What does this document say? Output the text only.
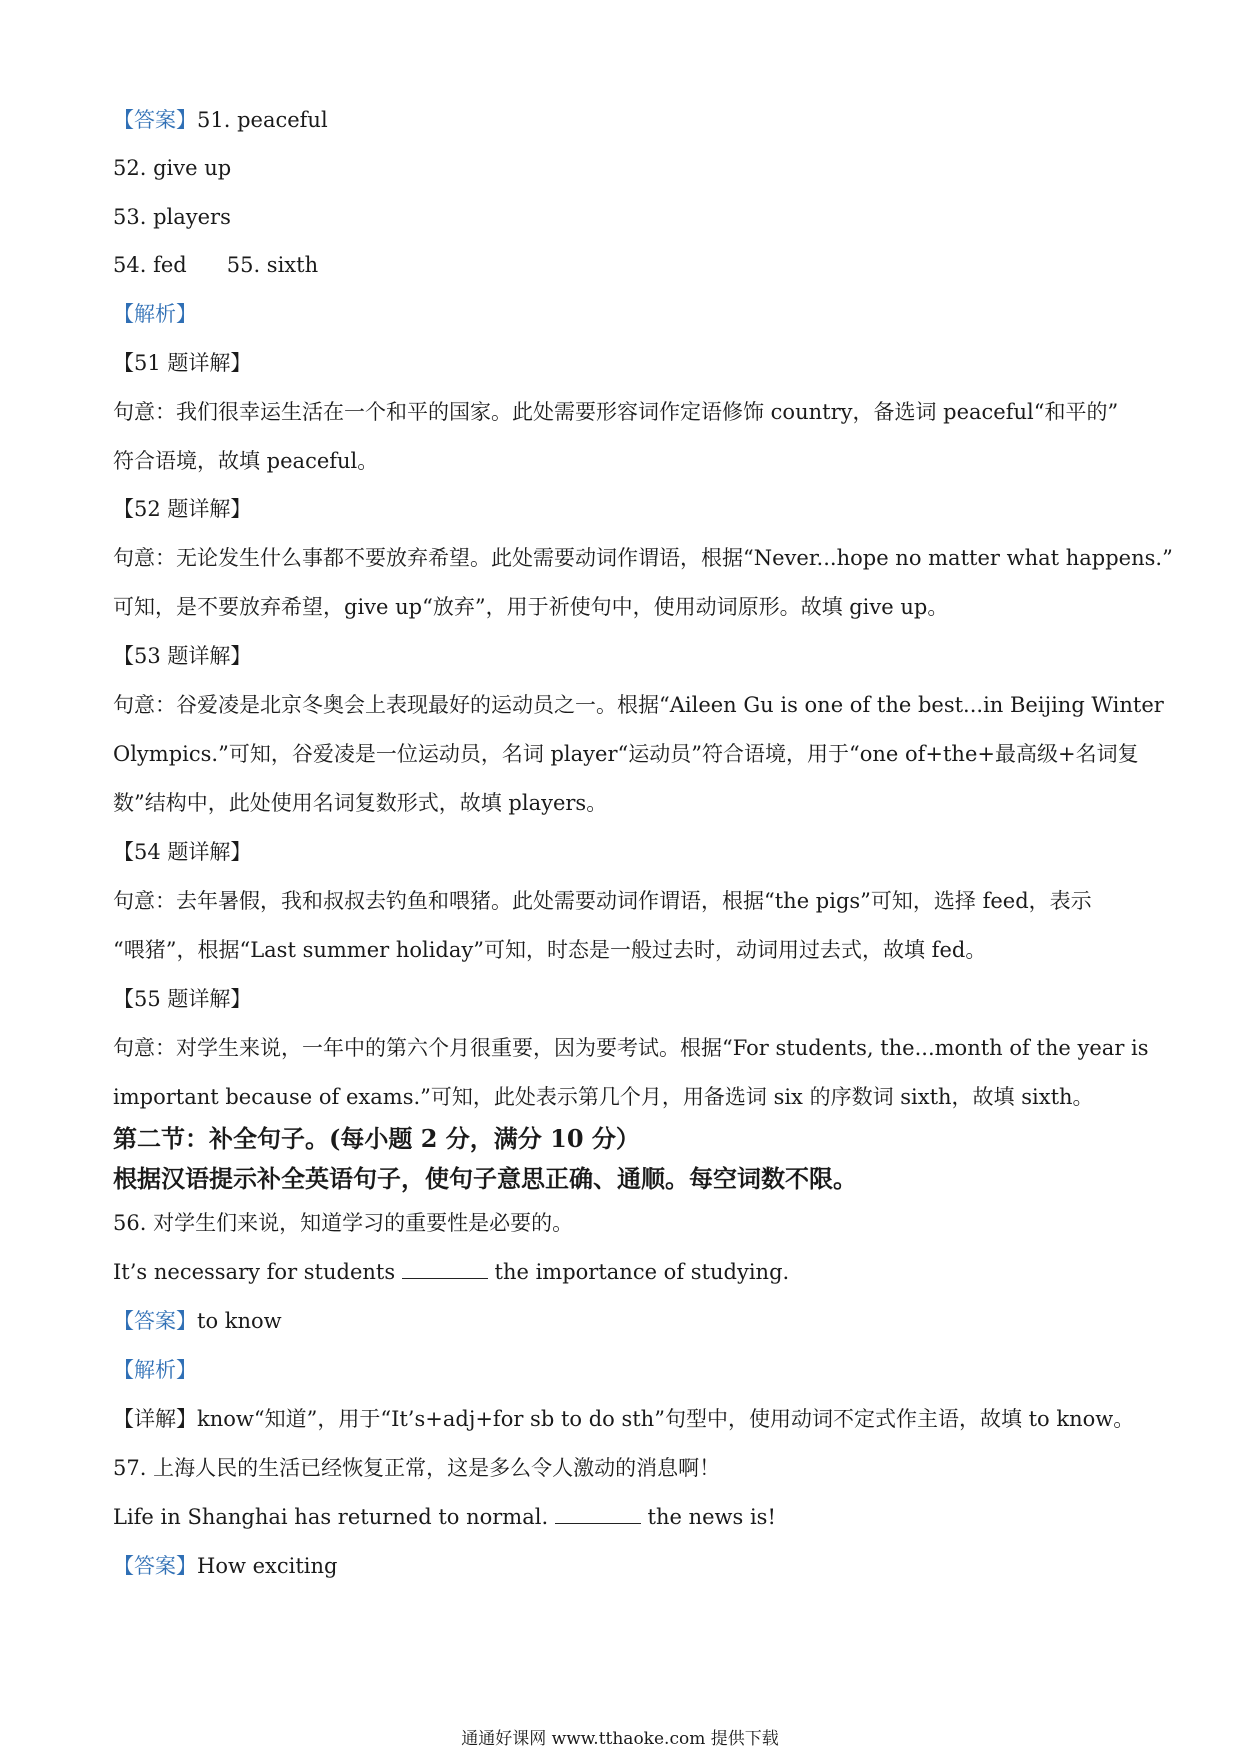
【答案】51. peaceful
52. give up
53. players
54. fed 55. sixth
【解析】
【51 题详解】
句意：我们很幸运生活在一个和平的国家。此处需要形容词作定语修饰 country，备选词 peaceful“和平的”
符合语境，故填 peaceful。
【52 题详解】
句意：无论发生什么事都不要放弃希望。此处需要动词作谓语，根据“Never...hope no matter what happens.”
可知，是不要放弃希望，give up“放弃”，用于祈使句中，使用动词原形。故填 give up。
【53 题详解】
句意：谷爱凌是北京冬奥会上表现最好的运动员之一。根据“Aileen Gu is one of the best...in Beijing Winter
Olympics.”可知，谷爱凌是一位运动员，名词 player“运动员”符合语境，用于“one of+the+最高级+名词复
数”结构中，此处使用名词复数形式，故填 players。
【54 题详解】
句意：去年暑假，我和叔叔去钓鱼和喂猪。此处需要动词作谓语，根据“the pigs”可知，选择 feed，表示
“喂猪”，根据“Last summer holiday”可知，时态是一般过去时，动词用过去式，故填 fed。
【55 题详解】
句意：对学生来说，一年中的第六个月很重要，因为要考试。根据“For students, the...month of the year is
important because of exams.”可知，此处表示第几个月，用备选词 six 的序数词 sixth，故填 sixth。
第二节：补全句子。(每小题 2 分，满分 10 分）
根据汉语提示补全英语句子，使句子意思正确、通顺。每空词数不限。
56. 对学生们来说，知道学习的重要性是必要的。
It’s necessary for students	the importance of studying.
【答案】to know
【解析】
【详解】know“知道”，用于“It’s+adj+for sb to do sth”句型中，使用动词不定式作主语，故填 to know。
57. 上海人民的生活已经恢复正常，这是多么令人激动的消息啊！
Life in Shanghai has returned to normal.	the news is!
【答案】How exciting
通通好课网 www.tthaoke.com 提供下载
